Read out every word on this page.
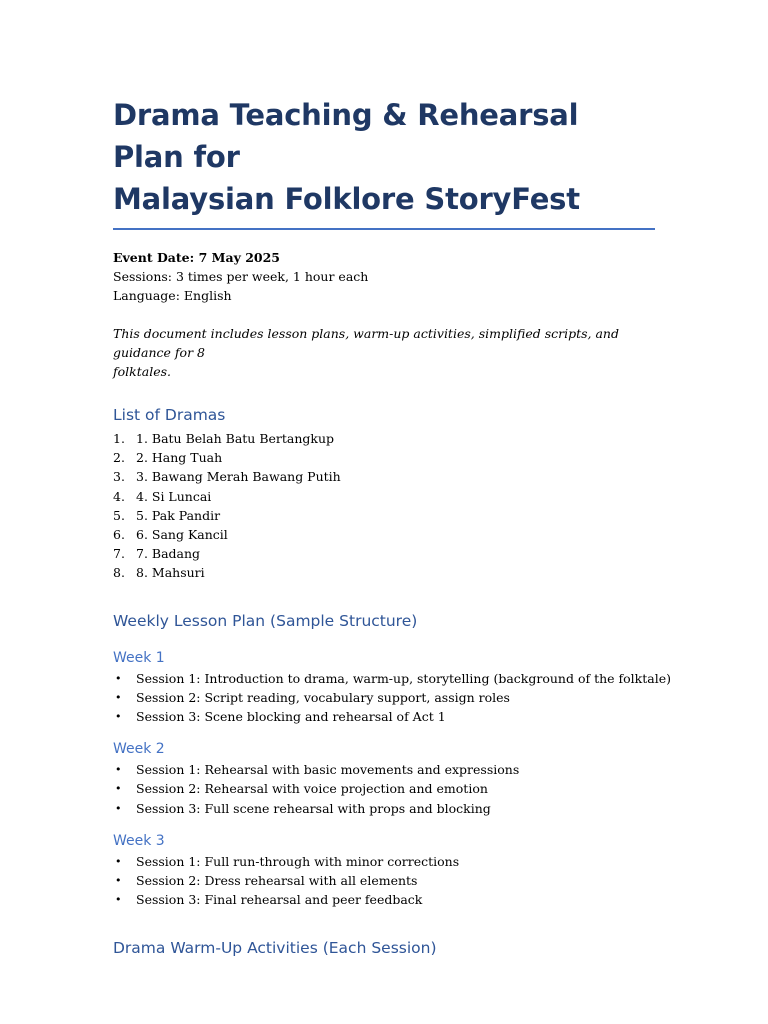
Drama Teaching & Rehearsal Plan for
Malaysian Folklore StoryFest
Event Date: 7 May 2025
Sessions: 3 times per week, 1 hour each
Language: English
This document includes lesson plans, warm-up activities, simplified scripts, and guidance for 8
folktales.
List of Dramas
1. 1. Batu Belah Batu Bertangkup
2. 2. Hang Tuah
3. 3. Bawang Merah Bawang Putih
4. 4. Si Luncai
5. 5. Pak Pandir
6. 6. Sang Kancil
7. 7. Badang
8. 8. Mahsuri
Weekly Lesson Plan (Sample Structure)
Week 1
• Session 1: Introduction to drama, warm-up, storytelling (background of the folktale)
• Session 2: Script reading, vocabulary support, assign roles
• Session 3: Scene blocking and rehearsal of Act 1
Week 2
• Session 1: Rehearsal with basic movements and expressions
• Session 2: Rehearsal with voice projection and emotion
• Session 3: Full scene rehearsal with props and blocking
Week 3
• Session 1: Full run-through with minor corrections
• Session 2: Dress rehearsal with all elements
• Session 3: Final rehearsal and peer feedback
Drama Warm-Up Activities (Each Session)
